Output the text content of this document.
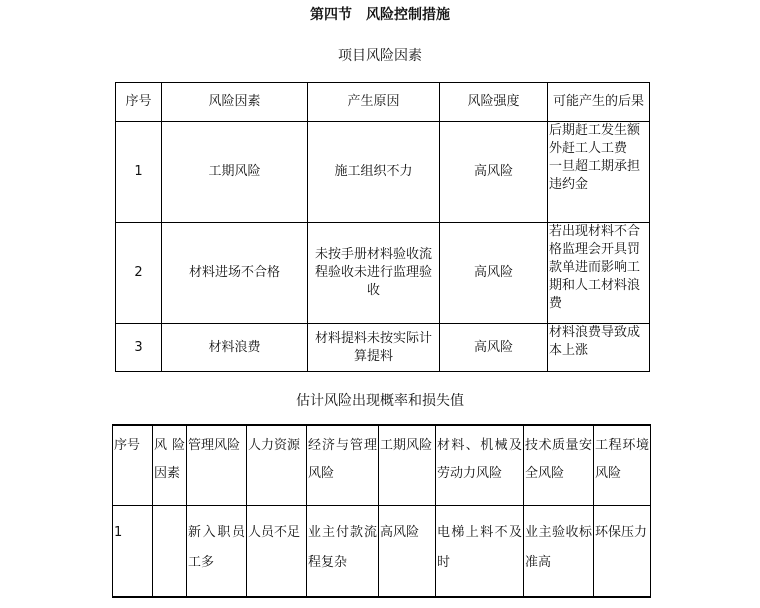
第四节　风险控制措施
项目风险因素
序号	风险因素	产生原因	风险强度	可能产生的后果
1	工期风险	施工组织不力	高风险	后期赶工发生额外赶工人工费
一旦超工期承担违约金

2	材料进场不合格	未按手册材料验收流程验收未进行监理验收	高风险	若出现材料不合格监理会开具罚款单进而影响工期和人工材料浪费

3	材料浪费	材料提料未按实际计算提料	高风险	材料浪费导致成本上涨
估计风险出现概率和损失值
序号	风险因素	管理风险	人力资源	经济与管理风险	工期风险	材料、机械及劳动力风险	技术质量安全风险	工程环境风险
1		新入职员工多	人员不足	业主付款流程复杂	高风险	电梯上料不及时	业主验收标准高	环保压力
